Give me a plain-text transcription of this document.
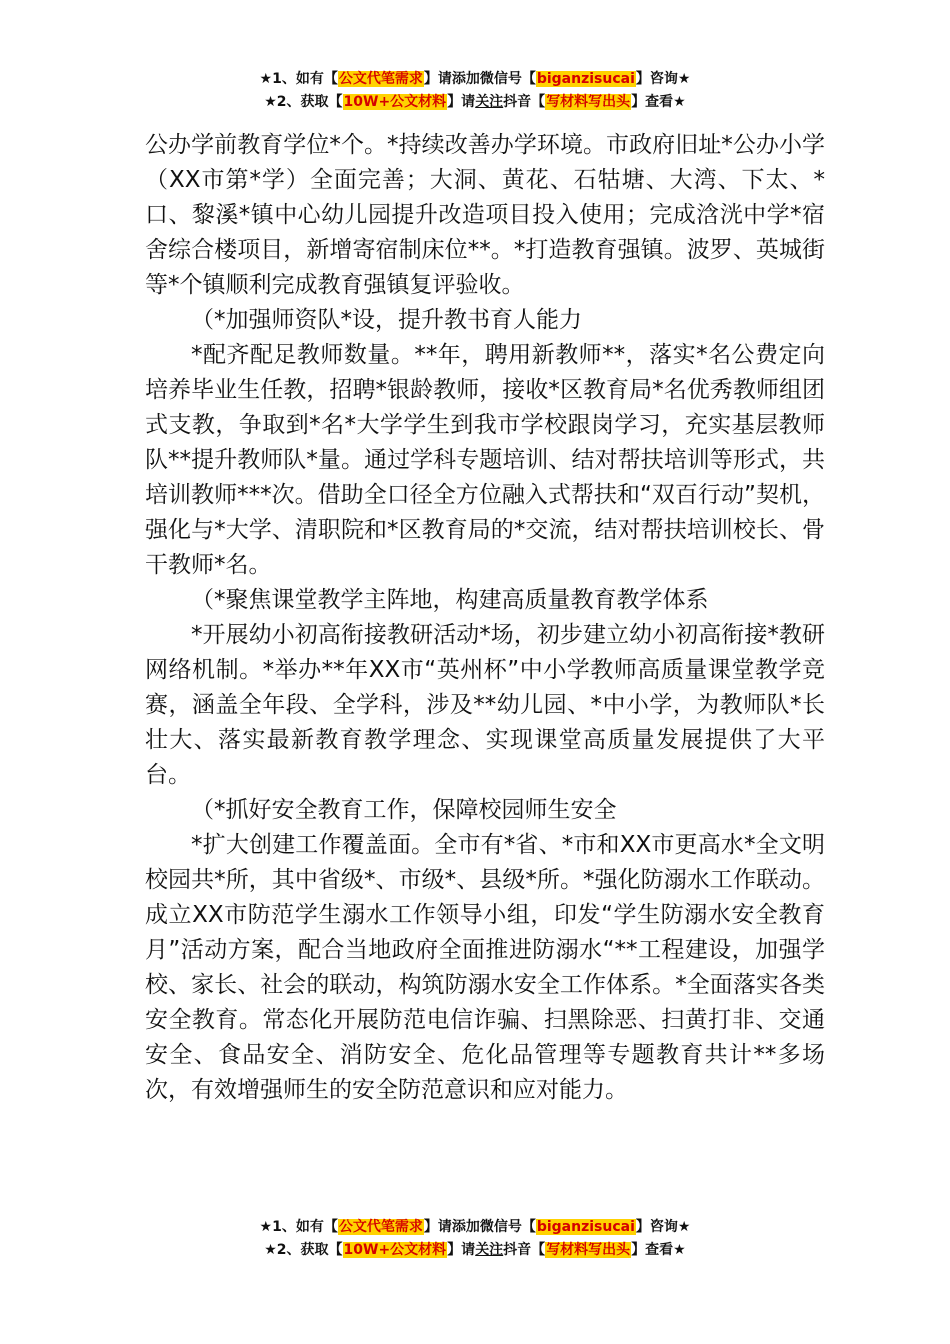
★1、如有【公文代笔需求】请添加微信号【biganzisucai】咨询★
★2、获取【10W+公文材料】请关注抖音【写材料写出头】查看★

公办学前教育学位*个。*持续改善办学环境。市政府旧址*公办小学（XX市第*学）全面完善；大洞、黄花、石牯塘、大湾、下太、*口、黎溪*镇中心幼儿园提升改造项目投入使用；完成浛洸中学*宿舍综合楼项目，新增寄宿制床位**。*打造教育强镇。波罗、英城街等*个镇顺利完成教育强镇复评验收。

（*加强师资队*设，提升教书育人能力

*配齐配足教师数量。**年，聘用新教师**，落实*名公费定向培养毕业生任教，招聘*银龄教师，接收*区教育局*名优秀教师组团式支教，争取到*名*大学学生到我市学校跟岗学习，充实基层教师队**提升教师队*量。通过学科专题培训、结对帮扶培训等形式，共培训教师***次。借助全口径全方位融入式帮扶和“双百行动”契机，强化与*大学、清职院和*区教育局的*交流，结对帮扶培训校长、骨干教师*名。

（*聚焦课堂教学主阵地，构建高质量教育教学体系

*开展幼小初高衔接教研活动*场，初步建立幼小初高衔接*教研网络机制。*举办**年XX市“英州杯”中小学教师高质量课堂教学竞赛，涵盖全年段、全学科，涉及**幼儿园、*中小学，为教师队*长壮大、落实最新教育教学理念、实现课堂高质量发展提供了大平台。

（*抓好安全教育工作，保障校园师生安全

*扩大创建工作覆盖面。全市有*省、*市和XX市更高水*全文明校园共*所，其中省级*、市级*、县级*所。*强化防溺水工作联动。成立XX市防范学生溺水工作领导小组，印发“学生防溺水安全教育月”活动方案，配合当地政府全面推进防溺水“**工程建设，加强学校、家长、社会的联动，构筑防溺水安全工作体系。*全面落实各类安全教育。常态化开展防范电信诈骗、扫黑除恶、扫黄打非、交通安全、食品安全、消防安全、危化品管理等专题教育共计**多场次，有效增强师生的安全防范意识和应对能力。

★1、如有【公文代笔需求】请添加微信号【biganzisucai】咨询★
★2、获取【10W+公文材料】请关注抖音【写材料写出头】查看★
